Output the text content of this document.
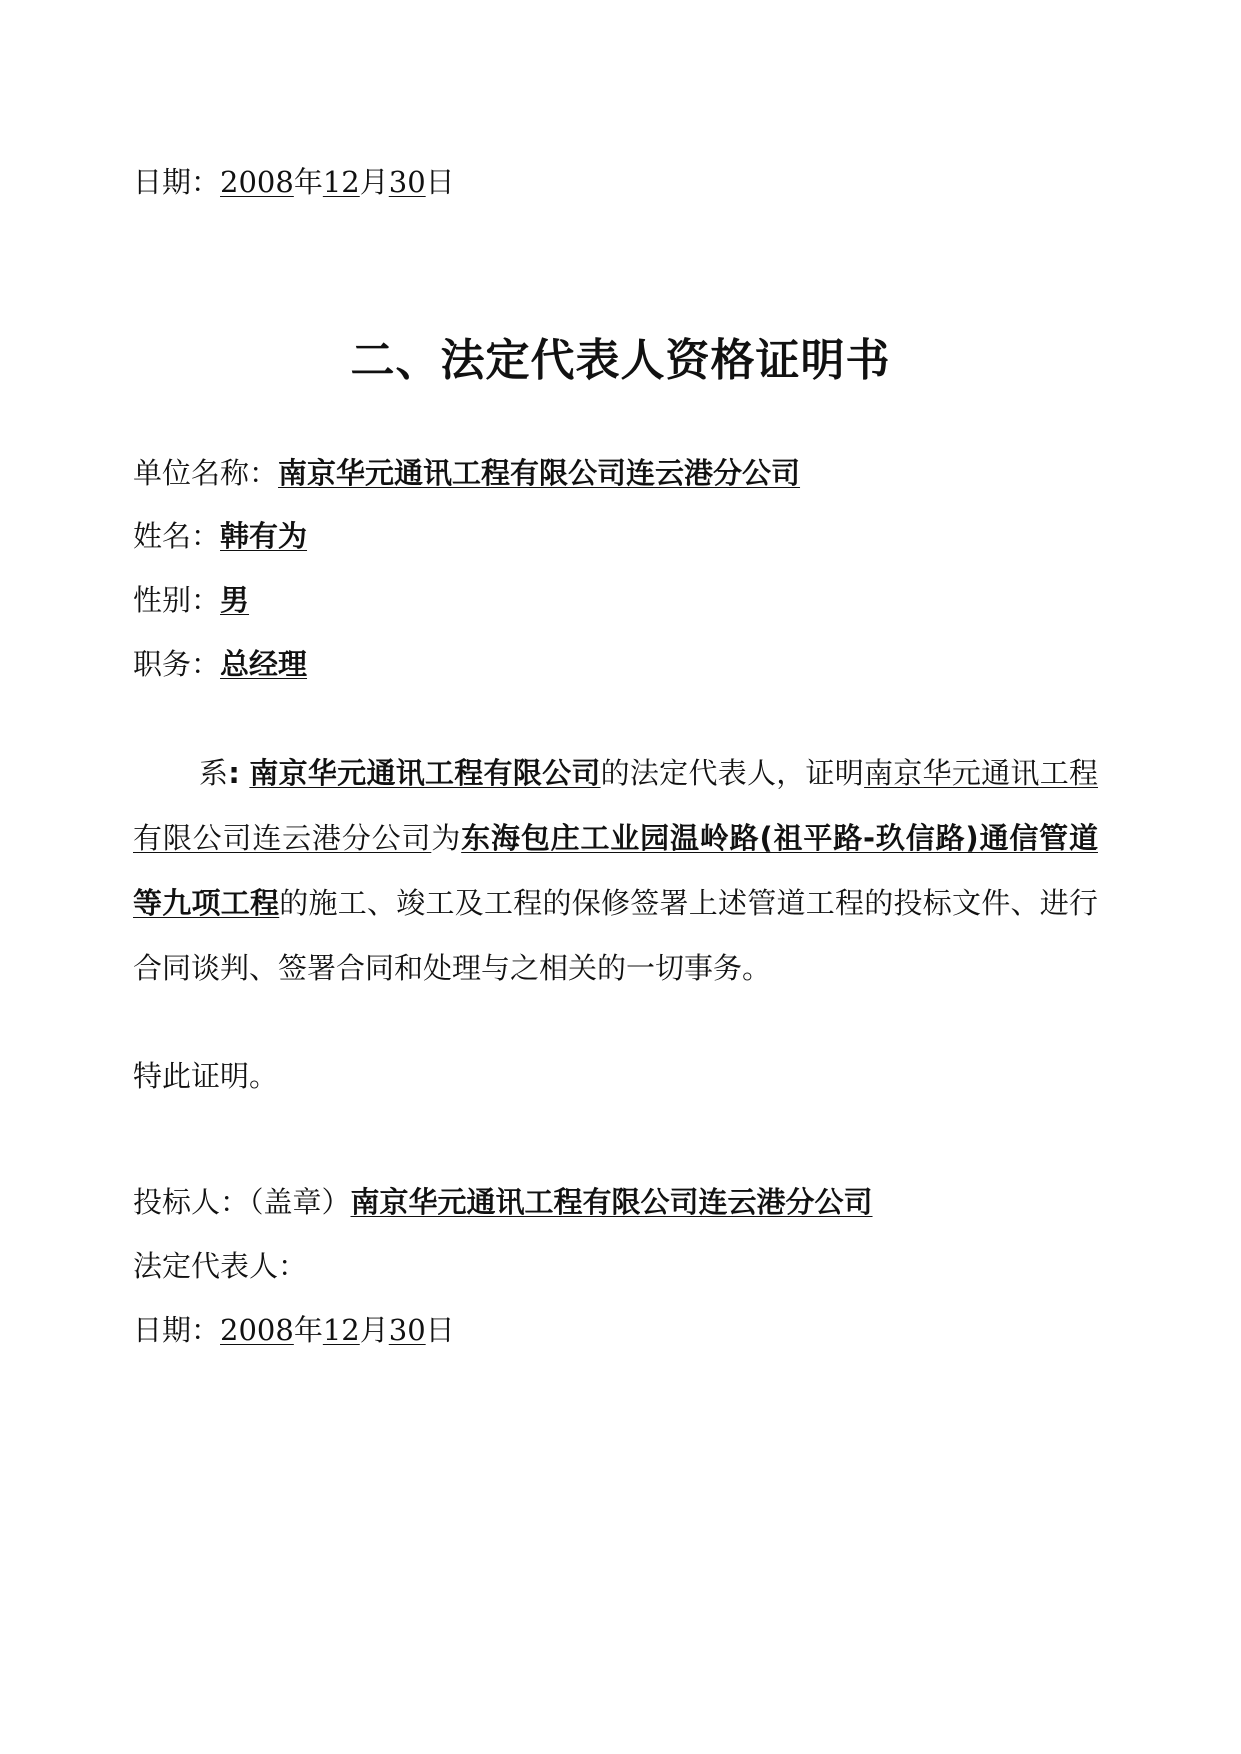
日期：2008年12月30日
二、法定代表人资格证明书
单位名称：南京华元通讯工程有限公司连云港分公司
姓名：韩有为
性别：男
职务：总经理
系: 南京华元通讯工程有限公司的法定代表人，证明南京华元通讯工程有限公司连云港分公司为东海包庄工业园温岭路(祖平路-玖信路)通信管道等九项工程的施工、竣工及工程的保修签署上述管道工程的投标文件、进行合同谈判、签署合同和处理与之相关的一切事务。
特此证明。
投标人：（盖章）南京华元通讯工程有限公司连云港分公司
法定代表人：
日期：2008年12月30日
